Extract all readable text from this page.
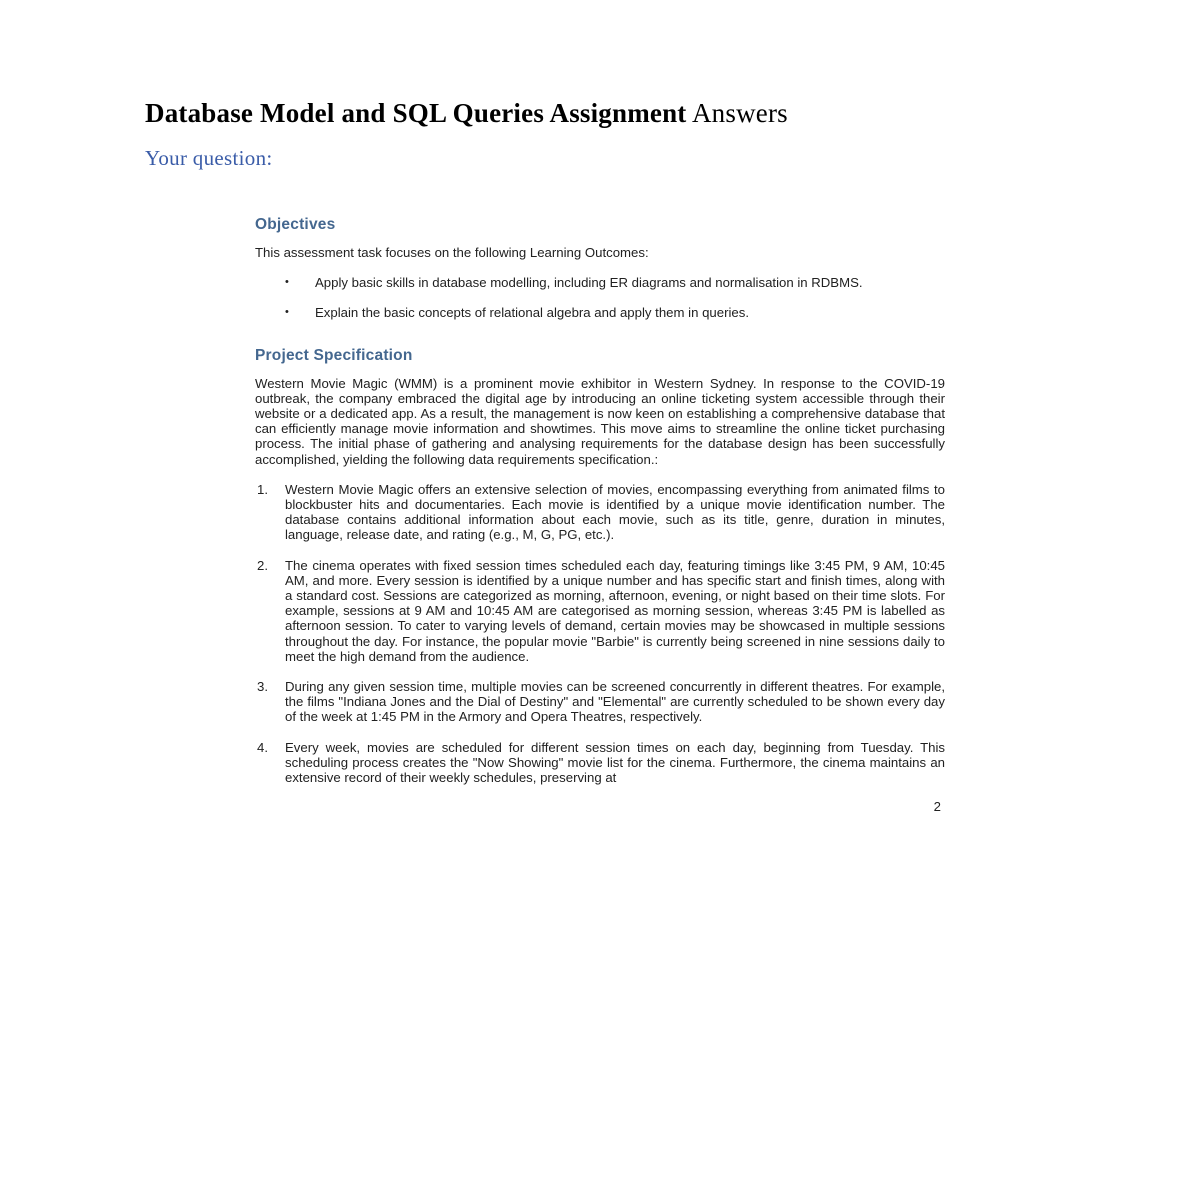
Database Model and SQL Queries Assignment Answers
Your question:
Objectives

This assessment task focuses on the following Learning Outcomes:

•	Apply basic skills in database modelling, including ER diagrams and normalisation in RDBMS.
•	Explain the basic concepts of relational algebra and apply them in queries.
Project Specification

Western Movie Magic (WMM) is a prominent movie exhibitor in Western Sydney. In response to the COVID-19 outbreak, the company embraced the digital age by introducing an online ticketing system accessible through their website or a dedicated app. As a result, the management is now keen on establishing a comprehensive database that can efficiently manage movie information and showtimes. This move aims to streamline the online ticket purchasing process. The initial phase of gathering and analysing requirements for the database design has been successfully accomplished, yielding the following data requirements specification.:

1.	Western Movie Magic offers an extensive selection of movies, encompassing everything from animated films to blockbuster hits and documentaries. Each movie is identified by a unique movie identification number. The database contains additional information about each movie, such as its title, genre, duration in minutes, language, release date, and rating (e.g., M, G, PG, etc.).
2.	The cinema operates with fixed session times scheduled each day, featuring timings like 3:45 PM, 9 AM, 10:45 AM, and more. Every session is identified by a unique number and has specific start and finish times, along with a standard cost. Sessions are categorized as morning, afternoon, evening, or night based on their time slots. For example, sessions at 9 AM and 10:45 AM are categorised as morning session, whereas 3:45 PM is labelled as afternoon session. To cater to varying levels of demand, certain movies may be showcased in multiple sessions throughout the day. For instance, the popular movie "Barbie" is currently being screened in nine sessions daily to meet the high demand from the audience.
3.	During any given session time, multiple movies can be screened concurrently in different theatres. For example, the films "Indiana Jones and the Dial of Destiny" and "Elemental" are currently scheduled to be shown every day of the week at 1:45 PM in the Armory and Opera Theatres, respectively.
4.	Every week, movies are scheduled for different session times on each day, beginning from Tuesday. This scheduling process creates the "Now Showing" movie list for the cinema. Furthermore, the cinema maintains an extensive record of their weekly schedules, preserving at
2
